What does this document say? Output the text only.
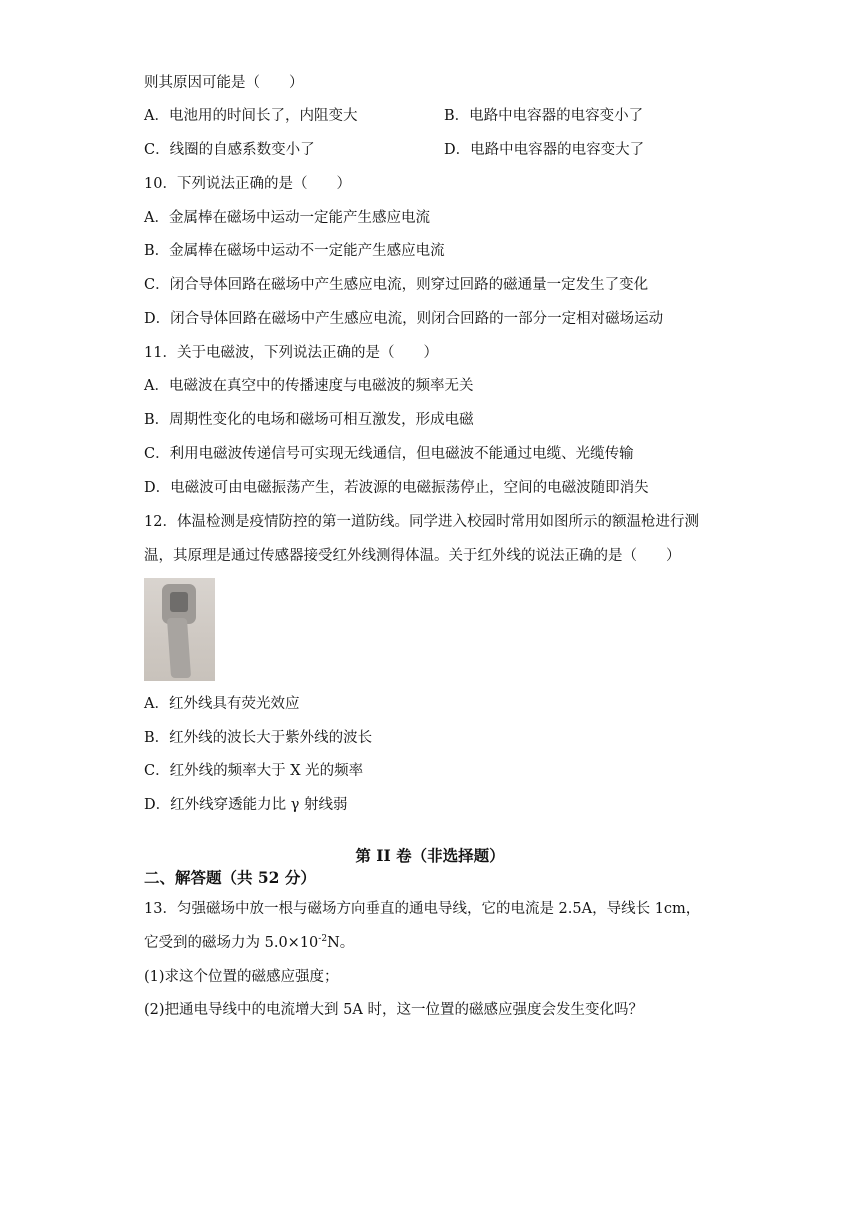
则其原因可能是（　　）
A．电池用的时间长了，内阻变大	B．电路中电容器的电容变小了
C．线圈的自感系数变小了	D．电路中电容器的电容变大了
10．下列说法正确的是（　　）
A．金属棒在磁场中运动一定能产生感应电流
B．金属棒在磁场中运动不一定能产生感应电流
C．闭合导体回路在磁场中产生感应电流，则穿过回路的磁通量一定发生了变化
D．闭合导体回路在磁场中产生感应电流，则闭合回路的一部分一定相对磁场运动
11．关于电磁波，下列说法正确的是（　　）
A．电磁波在真空中的传播速度与电磁波的频率无关
B．周期性变化的电场和磁场可相互激发，形成电磁
C．利用电磁波传递信号可实现无线通信，但电磁波不能通过电缆、光缆传输
D．电磁波可由电磁振荡产生，若波源的电磁振荡停止，空间的电磁波随即消失
12．体温检测是疫情防控的第一道防线。同学进入校园时常用如图所示的额温枪进行测
温，其原理是通过传感器接受红外线测得体温。关于红外线的说法正确的是（　　）
A．红外线具有荧光效应
B．红外线的波长大于紫外线的波长
C．红外线的频率大于 X 光的频率
D．红外线穿透能力比 γ 射线弱
第 II 卷（非选择题）
二、解答题（共 52 分）
13．匀强磁场中放一根与磁场方向垂直的通电导线，它的电流是 2.5A，导线长 1cm，
它受到的磁场力为 $5.0\times 10^{-2}N$。
(1)求这个位置的磁感应强度；
(2)把通电导线中的电流增大到 5A 时，这一位置的磁感应强度会发生变化吗？
